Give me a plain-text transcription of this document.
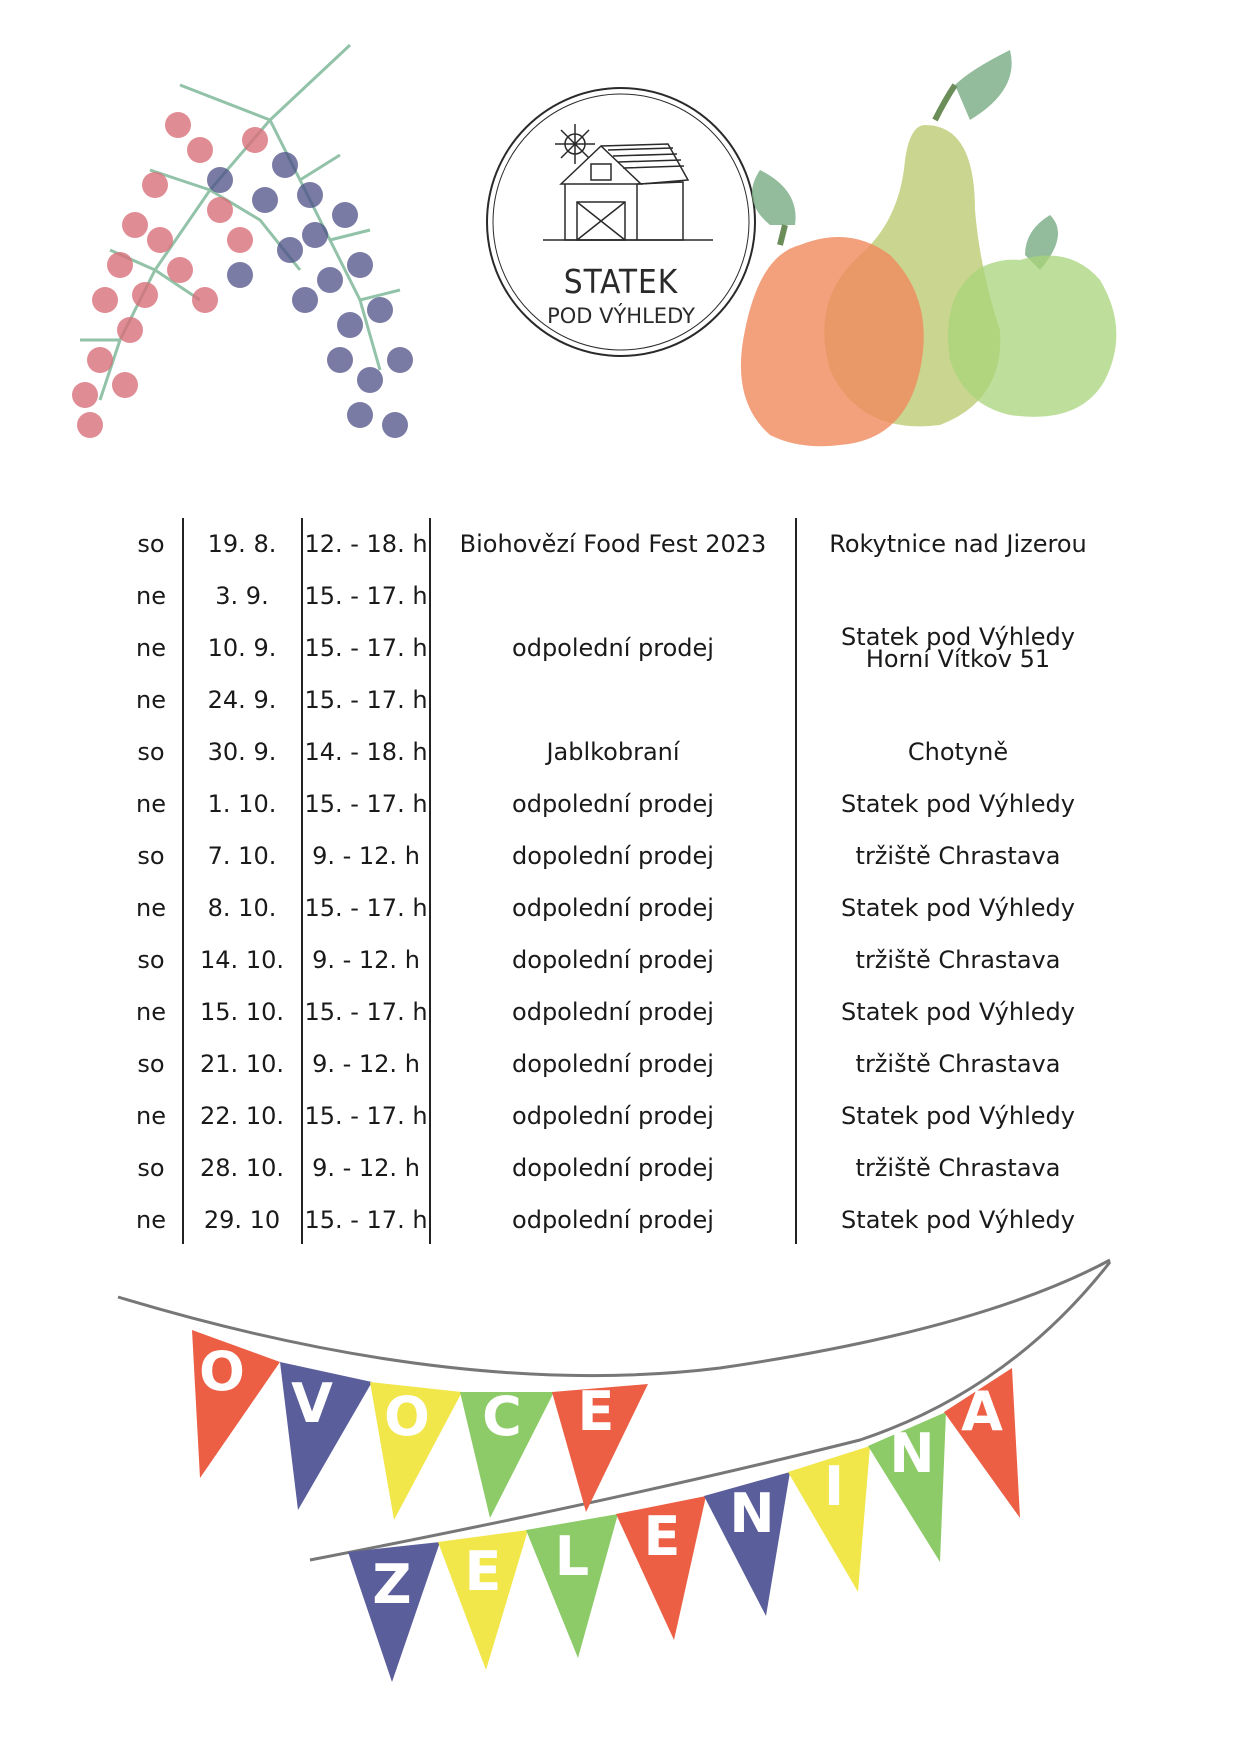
STATEK
POD VÝHLEDY
so	19. 8.	12. - 18. h	Biohovězí Food Fest 2023	Rokytnice nad Jizerou
ne	3. 9.	15. - 17. h
ne	10. 9.	15. - 17. h	odpolední prodej	Statek pod Výhledy
Horní Vítkov 51
ne	24. 9.	15. - 17. h
so	30. 9.	14. - 18. h	Jablkobraní	Chotyně
ne	1. 10.	15. - 17. h	odpolední prodej	Statek pod Výhledy
so	7. 10.	9. - 12. h	dopolední prodej	tržiště Chrastava
ne	8. 10.	15. - 17. h	odpolední prodej	Statek pod Výhledy
so	14. 10.	9. - 12. h	dopolední prodej	tržiště Chrastava
ne	15. 10. 15. - 17. h	odpolední prodej	Statek pod Výhledy
so	21. 10.	9. - 12. h	dopolední prodej	tržiště Chrastava
ne	22. 10. 15. - 17. h	odpolední prodej	Statek pod Výhledy
so	28. 10.	9. - 12. h	dopolední prodej	tržiště Chrastava
ne	29. 10	15. - 17. h	odpolední prodej	Statek pod Výhledy
O
V O C E
Z E L E N I
N
A
